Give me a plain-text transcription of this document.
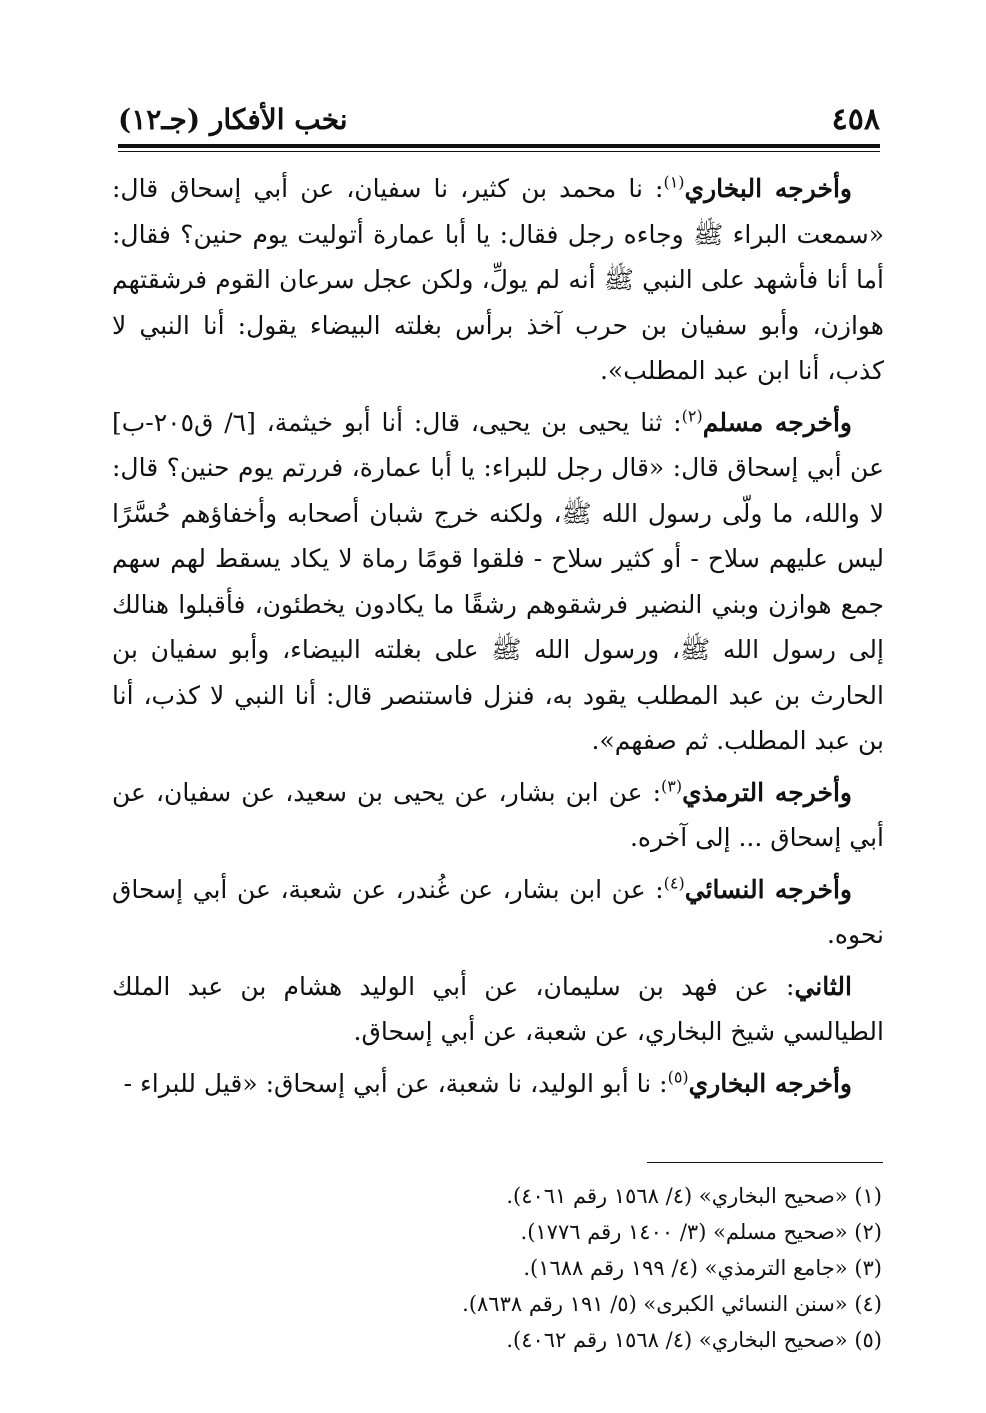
٤٥٨
نخب الأفكار (جـ١٢)

وأخرجه البخاري$^{(١)}$: نا محمد بن كثير، نا سفيان، عن أبي إسحاق قال: «سمعت البراء ﷺ وجاءه رجل فقال: يا أبا عمارة أتوليت يوم حنين؟ فقال: أما أنا فأشهد على النبي ﷺ أنه لم يولِّ، ولكن عجل سرعان القوم فرشقتهم هوازن، وأبو سفيان بن حرب آخذ برأس بغلته البيضاء يقول: أنا النبي لا كذب، أنا ابن عبد المطلب».

وأخرجه مسلم$^{(٢)}$: ثنا يحيى بن يحيى، قال: أنا أبو خيثمة، [٦/ ق٢٠٥-ب] عن أبي إسحاق قال: «قال رجل للبراء: يا أبا عمارة، فررتم يوم حنين؟ قال: لا والله، ما ولّى رسول الله ﷺ، ولكنه خرج شبان أصحابه وأخفاؤهم حُسَّرًا ليس عليهم سلاح - أو كثير سلاح - فلقوا قومًا رماة لا يكاد يسقط لهم سهم جمع هوازن وبني النضير فرشقوهم رشقًا ما يكادون يخطئون، فأقبلوا هنالك إلى رسول الله ﷺ، ورسول الله ﷺ على بغلته البيضاء، وأبو سفيان بن الحارث بن عبد المطلب يقود به، فنزل فاستنصر قال: أنا النبي لا كذب، أنا بن عبد المطلب. ثم صفهم».

وأخرجه الترمذي$^{(٣)}$: عن ابن بشار، عن يحيى بن سعيد، عن سفيان، عن أبي إسحاق ... إلى آخره.

وأخرجه النسائي$^{(٤)}$: عن ابن بشار، عن غُندر، عن شعبة، عن أبي إسحاق نحوه.

الثاني: عن فهد بن سليمان، عن أبي الوليد هشام بن عبد الملك الطيالسي شيخ البخاري، عن شعبة، عن أبي إسحاق.

وأخرجه البخاري$^{(٥)}$: نا أبو الوليد، نا شعبة، عن أبي إسحاق: «قيل للبراء -

(١) «صحيح البخاري» (٤/ ١٥٦٨ رقم ٤٠٦١).

(٢) «صحيح مسلم» (٣/ ١٤٠٠ رقم ١٧٧٦).

(٣) «جامع الترمذي» (٤/ ١٩٩ رقم ١٦٨٨).

(٤) «سنن النسائي الكبرى» (٥/ ١٩١ رقم ٨٦٣٨).

(٥) «صحيح البخاري» (٤/ ١٥٦٨ رقم ٤٠٦٢).
